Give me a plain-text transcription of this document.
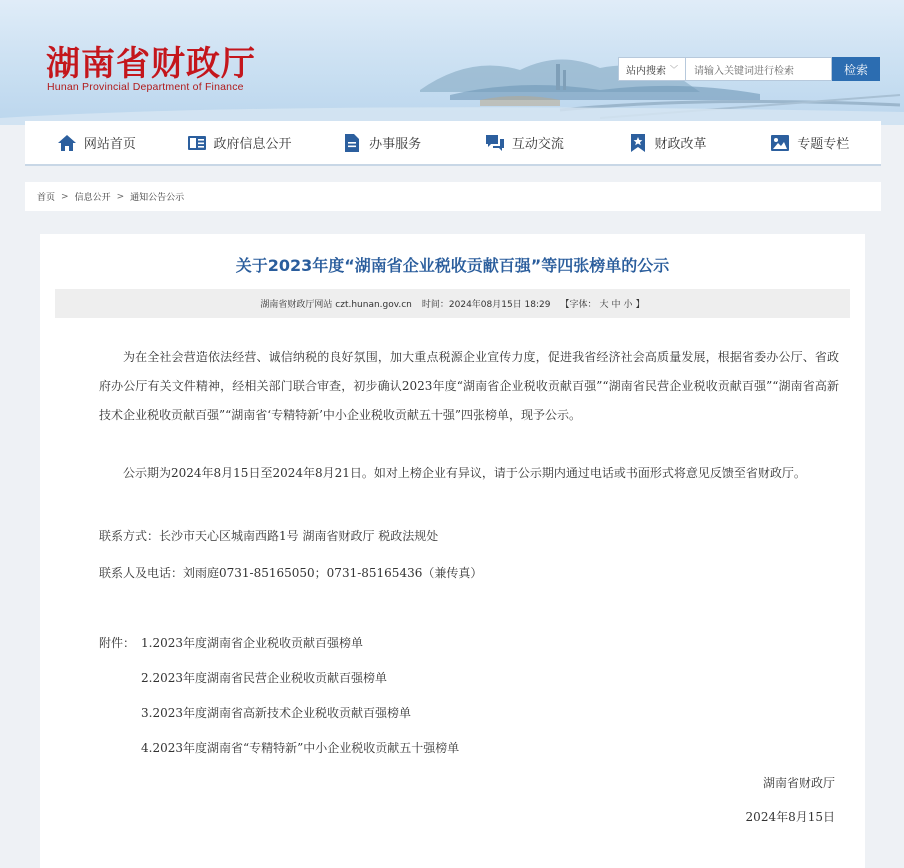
湖南省财政厅
Hunan Provincial Department of Finance
站内搜索 ﹀ 请输入关键词进行检索	检索
网站首页	政府信息公开	办事服务	互动交流	财政改革	专题专栏
首页 > 信息公开 > 通知公告公示
关于2023年度“湖南省企业税收贡献百强”等四张榜单的公示
湖南省财政厅网站 czt.hunan.gov.cn 时间：2024年08月15日 18:29 【字体： 大 中 小 】

为在全社会营造依法经营、诚信纳税的良好氛围，加大重点税源企业宣传力度，促进我省经济社会高质量发展，根据省委办公厅、省政府办公厅有关文件精神，经相关部门联合审查，初步确认2023年度“湖南省企业税收贡献百强”“湖南省民营企业税收贡献百强”“湖南省高新技术企业税收贡献百强”“湖南省‘专精特新’中小企业税收贡献五十强”四张榜单，现予公示。

公示期为2024年8月15日至2024年8月21日。如对上榜企业有异议，请于公示期内通过电话或书面形式将意见反馈至省财政厅。

联系方式：长沙市天心区城南西路1号 湖南省财政厅 税政法规处
联系人及电话：刘雨庭0731-85165050；0731-85165436（兼传真）
附件： 1.2023年度湖南省企业税收贡献百强榜单
2.2023年度湖南省民营企业税收贡献百强榜单
3.2023年度湖南省高新技术企业税收贡献百强榜单
4.2023年度湖南省“专精特新”中小企业税收贡献五十强榜单
湖南省财政厅
2024年8月15日
